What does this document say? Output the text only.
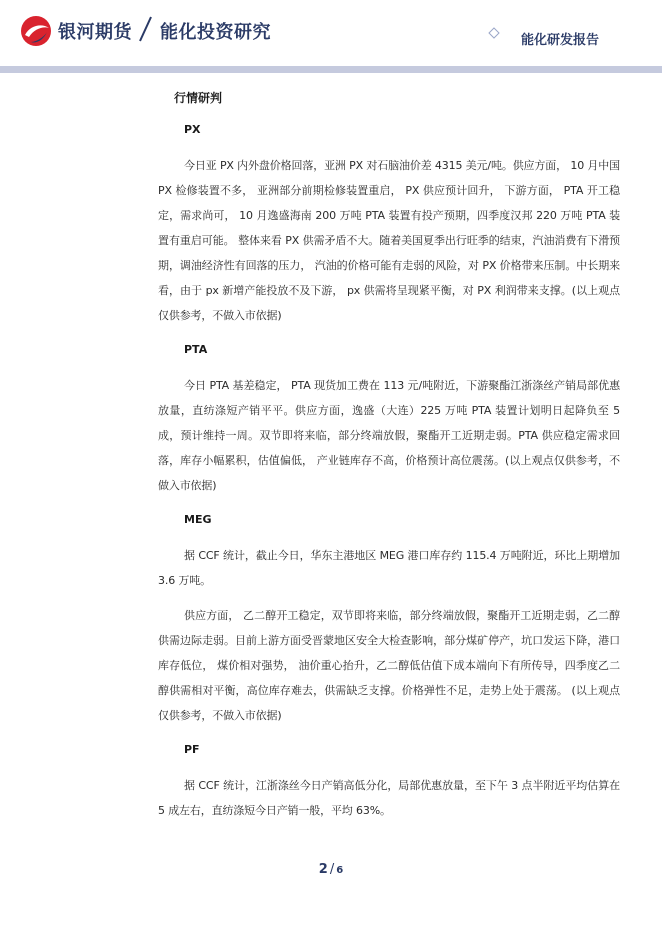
银河期货 能化投资研究	能化研发报告
行情研判
PX

今日亚 PX 内外盘价格回落，亚洲 PX 对石脑油价差 4315 美元/吨。供应方面， 10 月中国 PX 检修装置不多， 亚洲部分前期检修装置重启， PX 供应预计回升， 下游方面， PTA 开工稳定，需求尚可， 10 月逸盛海南 200 万吨 PTA 装置有投产预期，四季度汉邦 220 万吨 PTA 装置有重启可能。 整体来看 PX 供需矛盾不大。随着美国夏季出行旺季的结束，汽油消费有下滑预期，调油经济性有回落的压力， 汽油的价格可能有走弱的风险，对 PX 价格带来压制。中长期来看，由于 px 新增产能投放不及下游， px 供需将呈现紧平衡，对 PX 利润带来支撑。(以上观点仅供参考，不做入市依据)

PTA

今日 PTA 基差稳定， PTA 现货加工费在 113 元/吨附近，下游聚酯江浙涤丝产销局部优惠放量，直纺涤短产销平平。供应方面，逸盛（大连）225 万吨 PTA 装置计划明日起降负至 5 成，预计维持一周。双节即将来临，部分终端放假，聚酯开工近期走弱。PTA 供应稳定需求回落，库存小幅累积，估值偏低， 产业链库存不高，价格预计高位震荡。(以上观点仅供参考，不做入市依据)

MEG

据 CCF 统计，截止今日，华东主港地区 MEG 港口库存约 115.4 万吨附近，环比上期增加 3.6 万吨。

供应方面， 乙二醇开工稳定，双节即将来临，部分终端放假，聚酯开工近期走弱，乙二醇供需边际走弱。目前上游方面受晋蒙地区安全大检查影响，部分煤矿停产，坑口发运下降，港口库存低位， 煤价相对强势， 油价重心抬升，乙二醇低估值下成本端向下有所传导，四季度乙二醇供需相对平衡，高位库存难去，供需缺乏支撑。价格弹性不足，走势上处于震荡。 (以上观点仅供参考，不做入市依据)

PF

据 CCF 统计，江浙涤丝今日产销高低分化，局部优惠放量，至下午 3 点半附近平均估算在 5 成左右，直纺涤短今日产销一般，平均 63%。

2 / 6
